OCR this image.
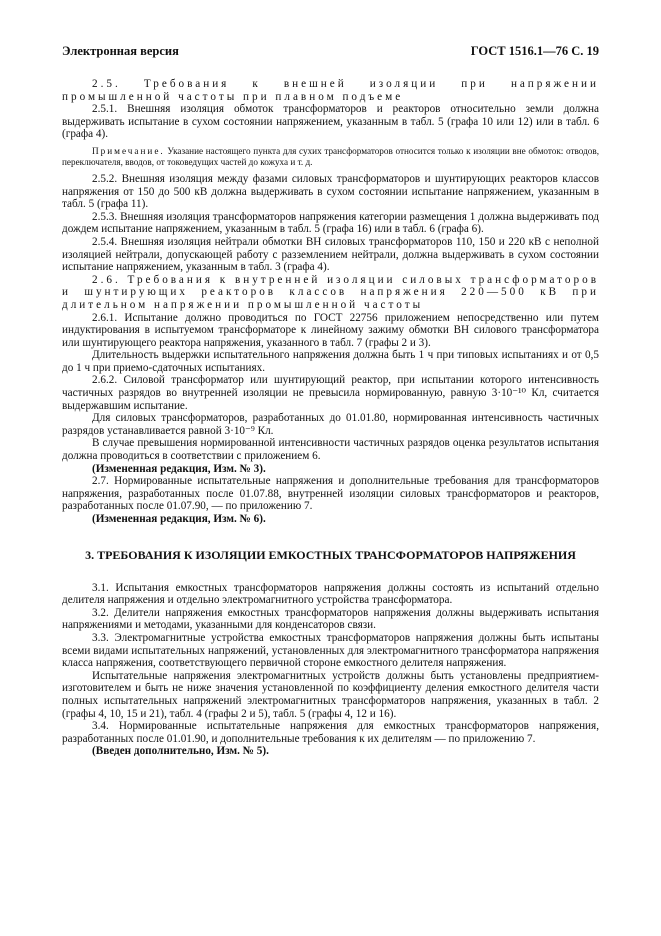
Электронная версия	ГОСТ 1516.1—76 С. 19

2.5. Требования к внешней изоляции при напряжении промышленной частоты при плавном подъеме

2.5.1. Внешняя изоляция обмоток трансформаторов и реакторов относительно земли должна выдерживать испытание в сухом состоянии напряжением, указанным в табл. 5 (графа 10 или 12) или в табл. 6 (графа 4).

Примечание. Указание настоящего пункта для сухих трансформаторов относится только к изоляции вне обмоток: отводов, переключателя, вводов, от токоведущих частей до кожуха и т. д.

2.5.2. Внешняя изоляция между фазами силовых трансформаторов и шунтирующих реакторов классов напряжения от 150 до 500 кВ должна выдерживать в сухом состоянии испытание напряжением, указанным в табл. 5 (графа 11).

2.5.3. Внешняя изоляция трансформаторов напряжения категории размещения 1 должна выдерживать под дождем испытание напряжением, указанным в табл. 5 (графа 16) или в табл. 6 (графа 6).

2.5.4. Внешняя изоляция нейтрали обмотки ВН силовых трансформаторов 110, 150 и 220 кВ с неполной изоляцией нейтрали, допускающей работу с разземлением нейтрали, должна выдерживать в сухом состоянии испытание напряжением, указанным в табл. 3 (графа 4).

2.6. Требования к внутренней изоляции силовых трансформаторов и шунтирующих реакторов классов напряжения 220—500 кВ при длительном напряжении промышленной частоты

2.6.1. Испытание должно проводиться по ГОСТ 22756 приложением непосредственно или путем индуктирования в испытуемом трансформаторе к линейному зажиму обмотки ВН силового трансформатора или шунтирующего реактора напряжения, указанного в табл. 7 (графы 2 и 3).

Длительность выдержки испытательного напряжения должна быть 1 ч при типовых испытаниях и от 0,5 до 1 ч при приемо-сдаточных испытаниях.

2.6.2. Силовой трансформатор или шунтирующий реактор, при испытании которого интенсивность частичных разрядов во внутренней изоляции не превысила нормированную, равную 3·10⁻¹⁰ Кл, считается выдержавшим испытание.

Для силовых трансформаторов, разработанных до 01.01.80, нормированная интенсивность частичных разрядов устанавливается равной 3·10⁻⁹ Кл.

В случае превышения нормированной интенсивности частичных разрядов оценка результатов испытания должна проводиться в соответствии с приложением 6.

(Измененная редакция, Изм. № 3).

2.7. Нормированные испытательные напряжения и дополнительные требования для трансформаторов напряжения, разработанных после 01.07.88, внутренней изоляции силовых трансформаторов и реакторов, разработанных после 01.07.90, — по приложению 7.

(Измененная редакция, Изм. № 6).

3. ТРЕБОВАНИЯ К ИЗОЛЯЦИИ ЕМКОСТНЫХ ТРАНСФОРМАТОРОВ НАПРЯЖЕНИЯ

3.1. Испытания емкостных трансформаторов напряжения должны состоять из испытаний отдельно делителя напряжения и отдельно электромагнитного устройства трансформатора.

3.2. Делители напряжения емкостных трансформаторов напряжения должны выдерживать испытания напряжениями и методами, указанными для конденсаторов связи.

3.3. Электромагнитные устройства емкостных трансформаторов напряжения должны быть испытаны всеми видами испытательных напряжений, установленных для электромагнитного трансформатора напряжения класса напряжения, соответствующего первичной стороне емкостного делителя напряжения.

Испытательные напряжения электромагнитных устройств должны быть установлены предприятием-изготовителем и быть не ниже значения установленной по коэффициенту деления емкостного делителя части полных испытательных напряжений электромагнитных трансформаторов напряжения, указанных в табл. 2 (графы 4, 10, 15 и 21), табл. 4 (графы 2 и 5), табл. 5 (графы 4, 12 и 16).

3.4. Нормированные испытательные напряжения для емкостных трансформаторов напряжения, разработанных после 01.01.90, и дополнительные требования к их делителям — по приложению 7.

(Введен дополнительно, Изм. № 5).
